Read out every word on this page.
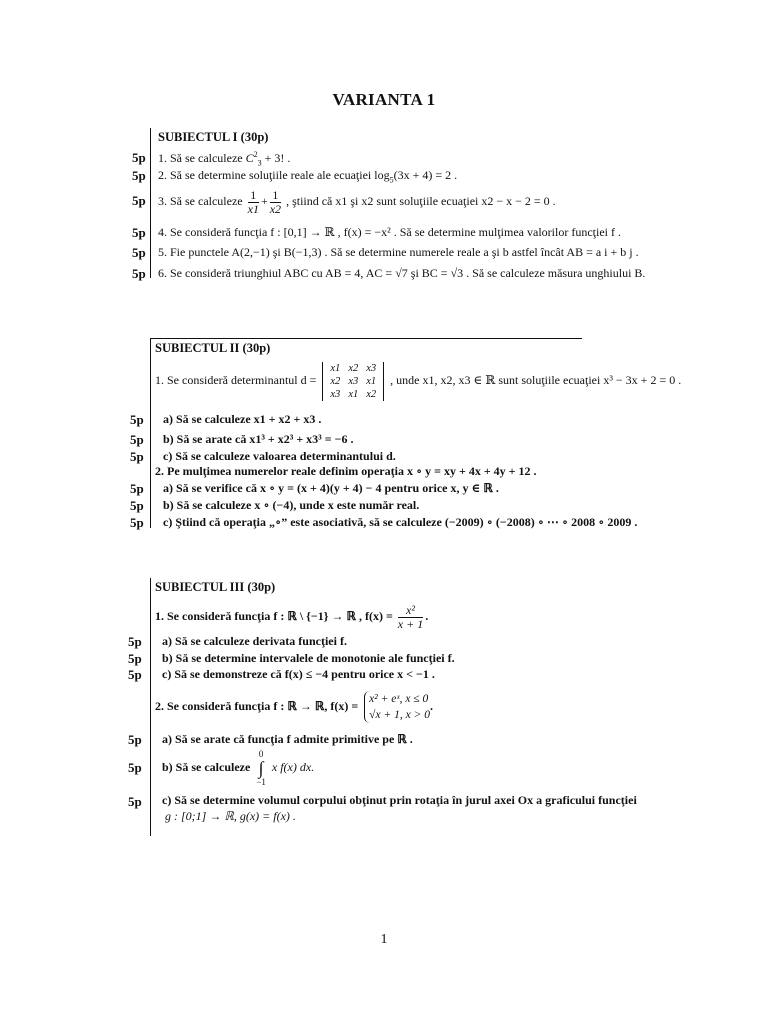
VARIANTA 1
SUBIECTUL I (30p)
5p 1. Să se calculeze $C^2_3 + 3$! .
5p 2. Să se determine soluţiile reale ale ecuaţiei $\log_5(3x + 4) = 2$ .
5p 3. Să se calculeze $\frac{1}{x1} + \frac{1}{x2}$ , ştiind că x1 şi x2 sunt soluţiile ecuaţiei x2 − x − 2 = 0 .
5p 4. Se consideră funcţia f : [0,1] → ℝ , f(x) = −x² . Să se determine mulţimea valorilor funcţiei f .
5p 5. Fie punctele A(2,−1) şi B(−1,3) . Să se determine numerele reale a şi b astfel încât AB = a i + b j .
5p 6. Se consideră triunghiul ABC cu AB = 4, AC = √7 şi BC = √3 . Să se calculeze măsura unghiului B.
SUBIECTUL II (30p)
1. Se consideră determinantul d =
x1	x2	x3
x2	x3	x1
x3	x1	x2
, unde x1, x2, x3 ∈ ℝ sunt soluţiile ecuaţiei x³ − 3x + 2 = 0 .
5p a) Să se calculeze x1 + x2 + x3 .
5p b) Să se arate că x1³ + x2³ + x3³ = −6 .
5p c) Să se calculeze valoarea determinantului d.
2. Pe mulţimea numerelor reale definim operaţia x ∘ y = xy + 4x + 4y + 12 .
5p a) Să se verifice că x ∘ y = (x + 4)(y + 4) − 4 pentru orice x, y ∈ ℝ .
5p b) Să se calculeze x ∘ (−4), unde x este număr real.
5p c) Ştiind că operaţia „∘” este asociativă, să se calculeze (−2009) ∘ (−2008) ∘ ⋯ ∘ 2008 ∘ 2009 .
SUBIECTUL III (30p)
1. Se consideră funcţia f : ℝ \ {−1} → ℝ , $f(x) = \frac{\text{x²}}{x + 1}$ .
5p a) Să se calculeze derivata funcţiei f.
5p b) Să se determine intervalele de monotonie ale funcţiei f.
5p c) Să se demonstreze că f(x) ≤ −4 pentru orice x < −1 .
2. Se consideră funcţia f : ℝ → ℝ, f(x) = x² + eˣ, x ≤ 0
√x + 1, x > 0
.
5p a) Să se arate că funcţia f admite primitive pe ℝ .
5p b) Să se calculeze
0
∫
−1
x f(x) dx.
5p c) Să se determine volumul corpului obţinut prin rotaţia în jurul axei Ox a graficului funcţiei
g : [0;1] → ℝ, g(x) = f(x) .
1
